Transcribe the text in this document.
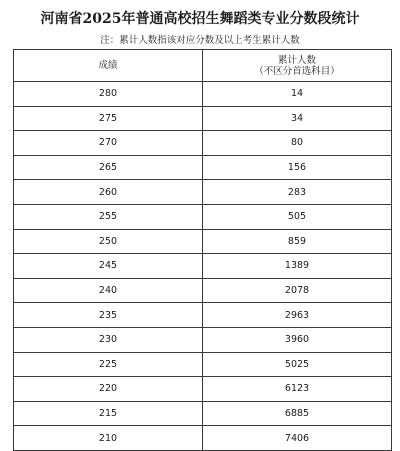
河南省2025年普通高校招生舞蹈类专业分数段统计
注：累计人数指该对应分数及以上考生累计人数
成绩	累计人数
（不区分首选科目）

280	14
275	34
270	80
265	156
260	283
255	505
250	859
245	1389
240	2078
235	2963
230	3960
225	5025
220	6123
215	6885
210	7406
